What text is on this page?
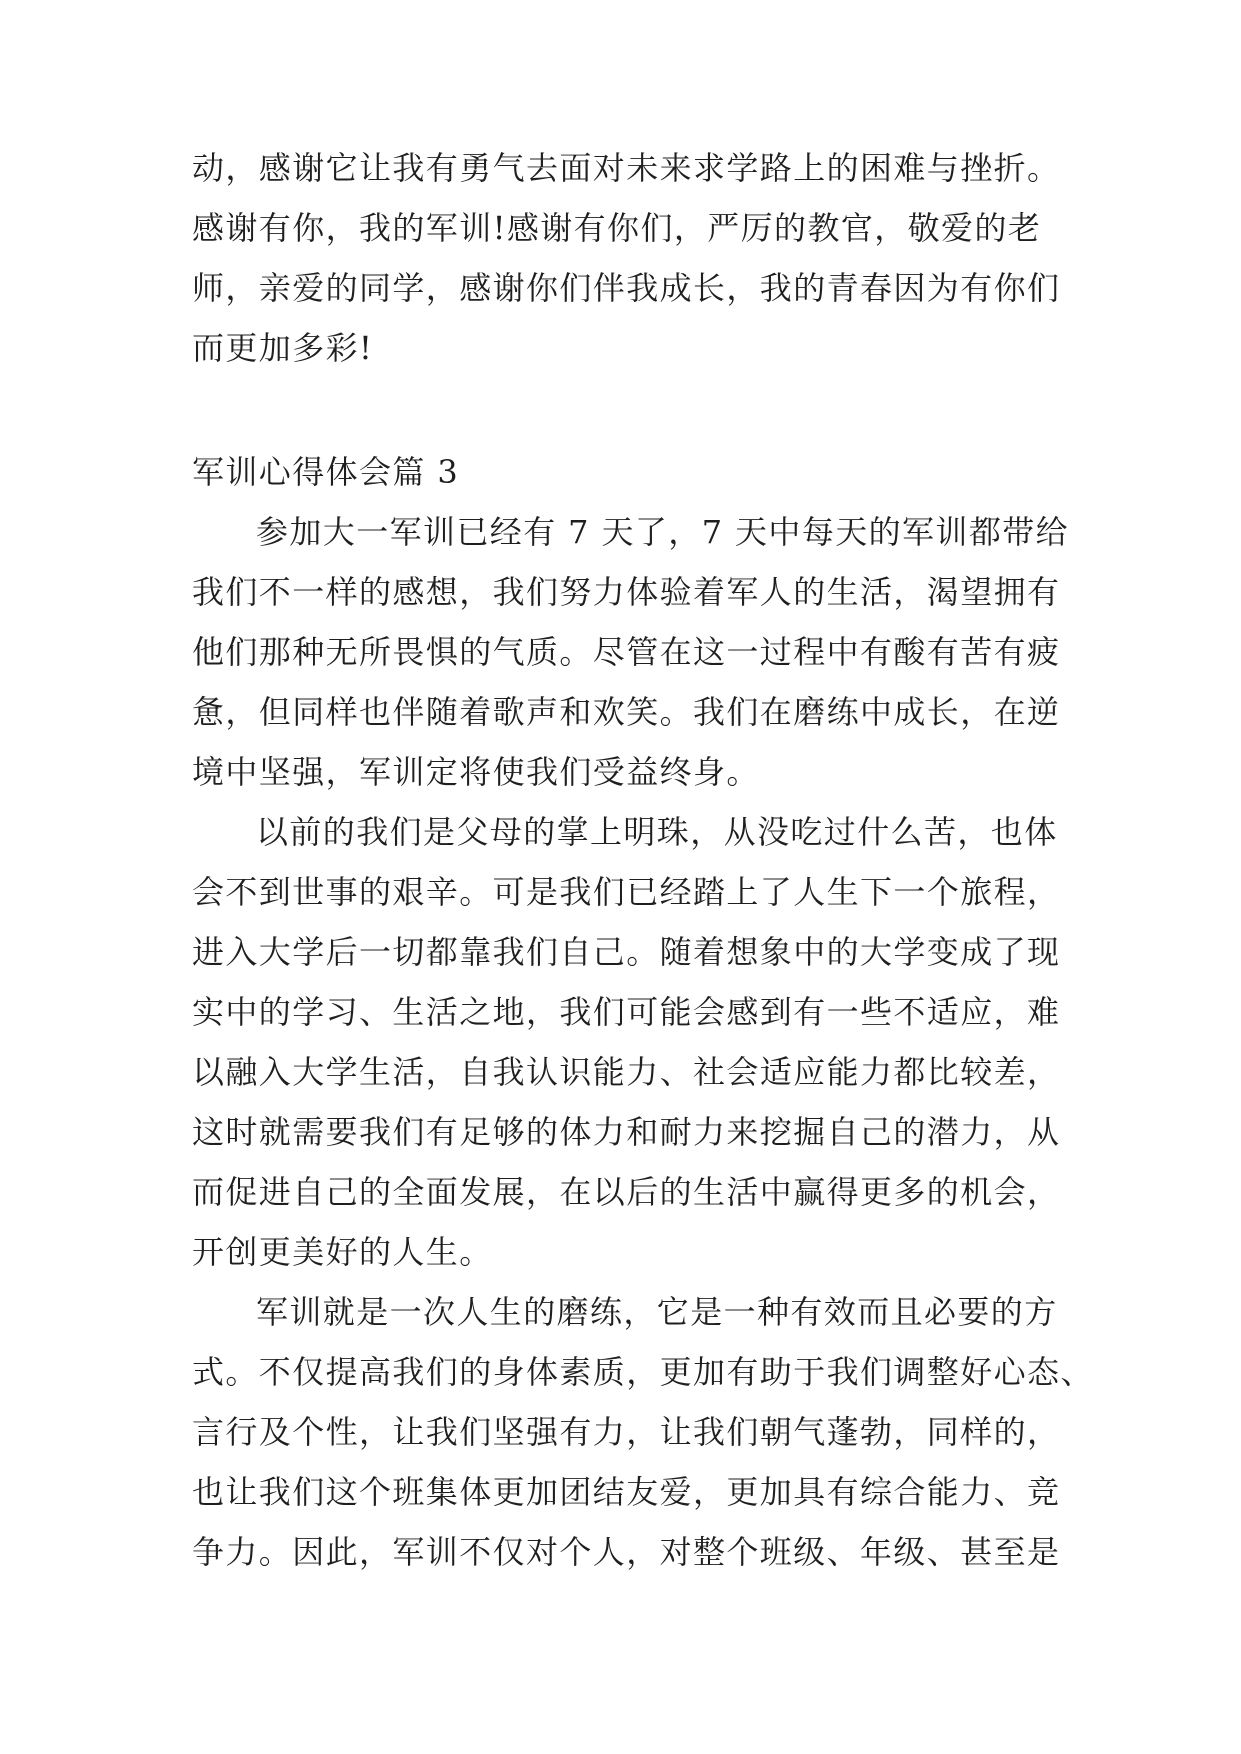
动，感谢它让我有勇气去面对未来求学路上的困难与挫折。
感谢有你，我的军训!感谢有你们，严厉的教官，敬爱的老
师，亲爱的同学，感谢你们伴我成长，我的青春因为有你们
而更加多彩!
军训心得体会篇 3
参加大一军训已经有 7 天了，7 天中每天的军训都带给
我们不一样的感想，我们努力体验着军人的生活，渴望拥有
他们那种无所畏惧的气质。尽管在这一过程中有酸有苦有疲
惫，但同样也伴随着歌声和欢笑。我们在磨练中成长，在逆
境中坚强，军训定将使我们受益终身。
以前的我们是父母的掌上明珠，从没吃过什么苦，也体
会不到世事的艰辛。可是我们已经踏上了人生下一个旅程，
进入大学后一切都靠我们自己。随着想象中的大学变成了现
实中的学习、生活之地，我们可能会感到有一些不适应，难
以融入大学生活，自我认识能力、社会适应能力都比较差，
这时就需要我们有足够的体力和耐力来挖掘自己的潜力，从
而促进自己的全面发展，在以后的生活中赢得更多的机会，
开创更美好的人生。
军训就是一次人生的磨练，它是一种有效而且必要的方
式。不仅提高我们的身体素质，更加有助于我们调整好心态、
言行及个性，让我们坚强有力，让我们朝气蓬勃，同样的，
也让我们这个班集体更加团结友爱，更加具有综合能力、竞
争力。因此，军训不仅对个人，对整个班级、年级、甚至是
